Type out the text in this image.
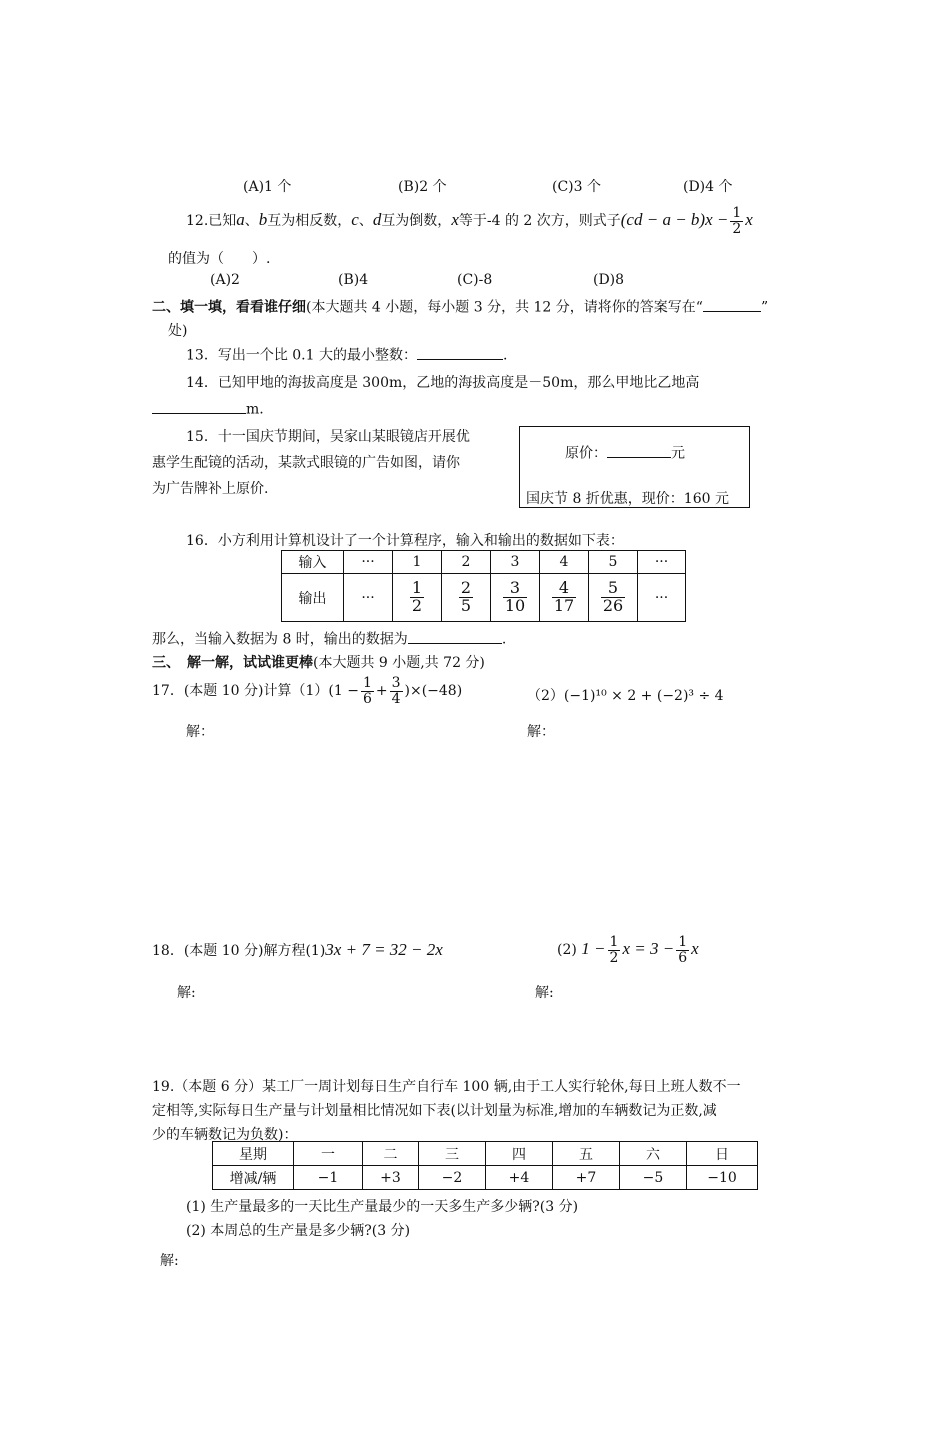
(A)1 个	(B)2 个	(C)3 个	(D)4 个
12.已知a、b互为相反数，c、d互为倒数，x等于-4 的 2 次方，则式子$(cd - a - b)x - \frac{1}{2}$ x
的值为（　　）.
(A)2	(B)4	(C)-8	(D)8
二、填一填，看看谁仔细(本大题共 4 小题，每小题 3 分，共 12 分，请将你的答案写在“	”
处)
13．写出一个比 0.1 大的最小整数：	.
14．已知甲地的海拔高度是 300m，乙地的海拔高度是－50m，那么甲地比乙地高
m.
15．十一国庆节期间，吴家山某眼镜店开展优
惠学生配镜的活动，某款式眼镜的广告如图，请你
为广告牌补上原价.
原价：	元
国庆节 8 折优惠，现价：160 元
16．小方利用计算机设计了一个计算程序，输入和输出的数据如下表：
输入	···	1	2	3	4	5	···
输出	···	$\frac{1}{2}$	$\frac{2}{5}$	$\frac{3}{10}$	$\frac{4}{17}$	$\frac{5}{26}$	···
那么，当输入数据为 8 时，输出的数据为	.
三、　解一解，试试谁更棒(本大题共 9 小题,共 72 分)
17．(本题 10 分)计算$(1)(1 - \frac{1}{6} + \frac{3}{4} )\times(-48)$	（2）(−1)¹⁰ × 2 + (−2)³ ÷ 4
解：	解：
18．(本题 10 分)解方程(1)3x + 7 = 32 − 2x	(2) $1 - \frac{1}{2}$ $x = 3 - \frac{1}{6}$ x
解:	解:
19.（本题 6 分）某工厂一周计划每日生产自行车 100 辆,由于工人实行轮休,每日上班人数不一
定相等,实际每日生产量与计划量相比情况如下表(以计划量为标准,增加的车辆数记为正数,减
少的车辆数记为负数)：
星期	一	二	三	四	五	六	日
增减/辆	−1	+3	−2	+4	+7	−5	−10
(1) 生产量最多的一天比生产量最少的一天多生产多少辆?(3 分)
(2) 本周总的生产量是多少辆?(3 分)
解:
